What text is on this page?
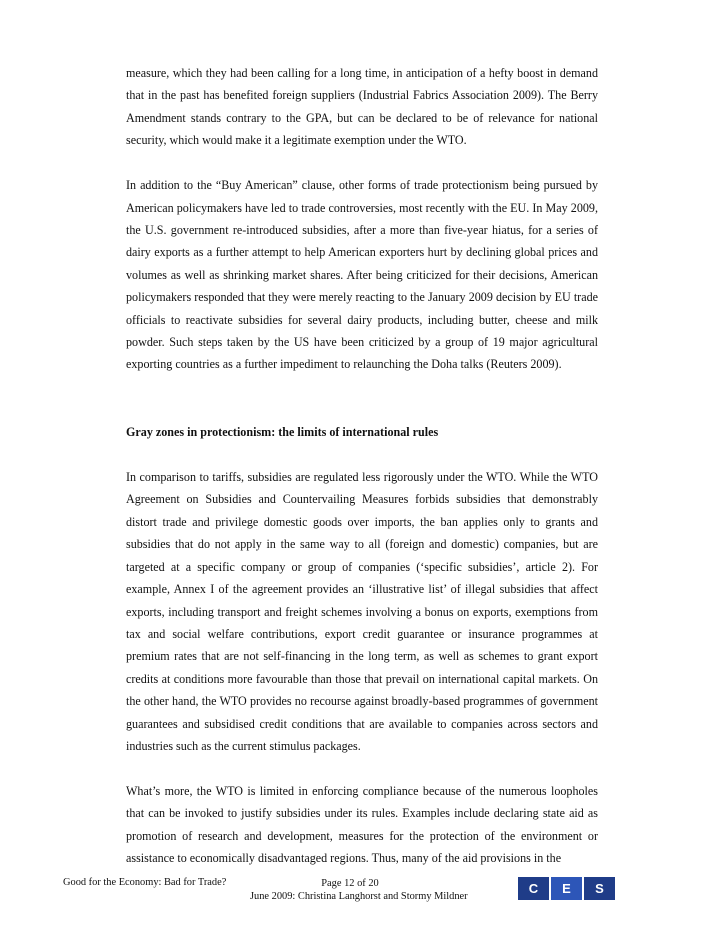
measure, which they had been calling for a long time, in anticipation of a hefty boost in demand that in the past has benefited foreign suppliers (Industrial Fabrics Association 2009). The Berry Amendment stands contrary to the GPA, but can be declared to be of relevance for national security, which would make it a legitimate exemption under the WTO.

In addition to the “Buy American” clause, other forms of trade protectionism being pursued by American policymakers have led to trade controversies, most recently with the EU. In May 2009, the U.S. government re-introduced subsidies, after a more than five-year hiatus, for a series of dairy exports as a further attempt to help American exporters hurt by declining global prices and volumes as well as shrinking market shares. After being criticized for their decisions, American policymakers responded that they were merely reacting to the January 2009 decision by EU trade officials to reactivate subsidies for several dairy products, including butter, cheese and milk powder. Such steps taken by the US have been criticized by a group of 19 major agricultural exporting countries as a further impediment to relaunching the Doha talks (Reuters 2009).

Gray zones in protectionism: the limits of international rules

In comparison to tariffs, subsidies are regulated less rigorously under the WTO. While the WTO Agreement on Subsidies and Countervailing Measures forbids subsidies that demonstrably distort trade and privilege domestic goods over imports, the ban applies only to grants and subsidies that do not apply in the same way to all (foreign and domestic) companies, but are targeted at a specific company or group of companies (‘specific subsidies’, article 2). For example, Annex I of the agreement provides an ‘illustrative list’ of illegal subsidies that affect exports, including transport and freight schemes involving a bonus on exports, exemptions from tax and social welfare contributions, export credit guarantee or insurance programmes at premium rates that are not self-financing in the long term, as well as schemes to grant export credits at conditions more favourable than those that prevail on international capital markets. On the other hand, the WTO provides no recourse against broadly-based programmes of government guarantees and subsidised credit conditions that are available to companies across sectors and industries such as the current stimulus packages.

What’s more, the WTO is limited in enforcing compliance because of the numerous loopholes that can be invoked to justify subsidies under its rules. Examples include declaring state aid as promotion of research and development, measures for the protection of the environment or assistance to economically disadvantaged regions. Thus, many of the aid provisions in the

Good for the Economy: Bad for Trade?	Page 12 of 20
June 2009: Christina Langhorst and Stormy Mildner
C	E	S
